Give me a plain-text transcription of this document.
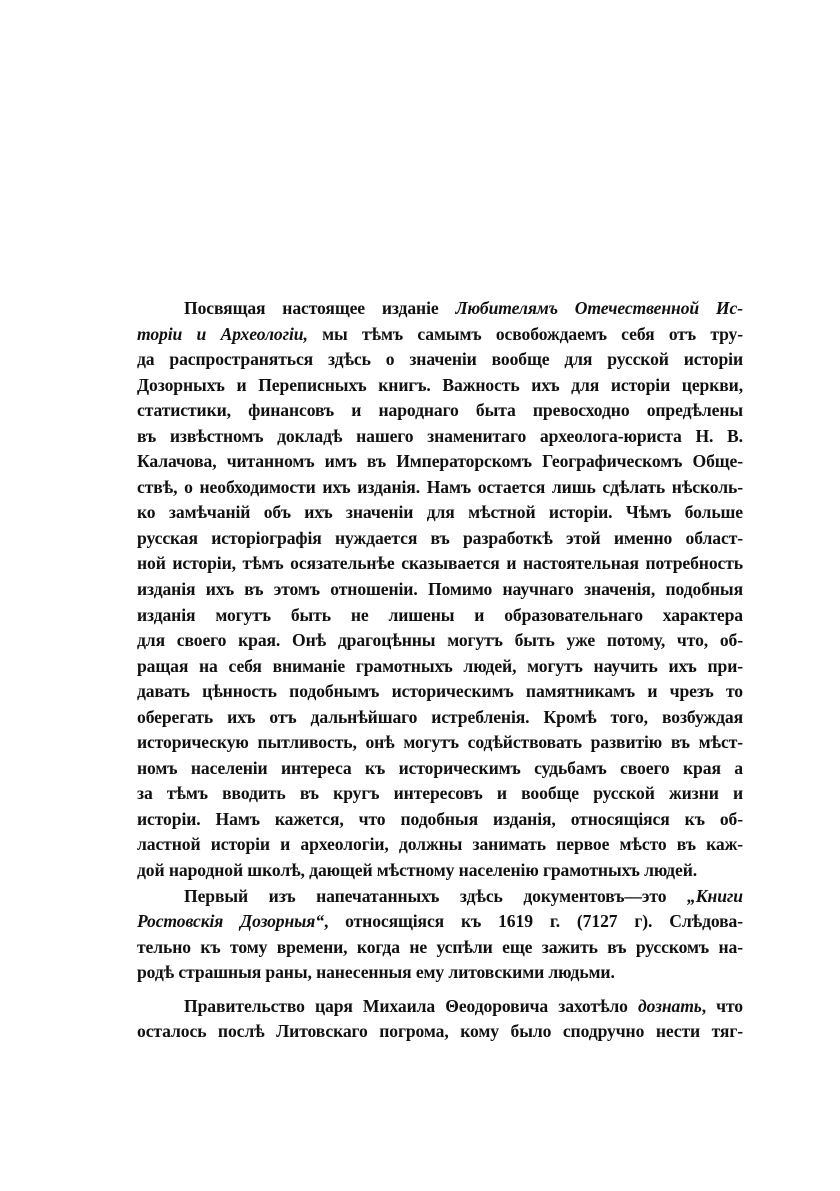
Посвящая настоящее изданіе Любителямъ Отечественной Ис-
торіи и Археологіи, мы тѣмъ самымъ освобождаемъ себя отъ тру-
да распространяться здѣсь о значеніи вообще для русской исторіи
Дозорныхъ и Переписныхъ книгъ. Важность ихъ для исторіи церкви,
статистики, финансовъ и народнаго быта превосходно опредѣлены
въ извѣстномъ докладѣ нашего знаменитаго археолога-юриста Н. В.
Калачова, читанномъ имъ въ Императорскомъ Географическомъ Обще-
ствѣ, о необходимости ихъ изданія. Намъ остается лишь сдѣлать нѣсколь-
ко замѣчаній объ ихъ значеніи для мѣстной исторіи. Чѣмъ больше
русская исторіографія нуждается въ разработкѣ этой именно област-
ной исторіи, тѣмъ осязательнѣе сказывается и настоятельная потребность
изданія ихъ въ этомъ отношеніи. Помимо научнаго значенія, подобныя
изданія могутъ быть не лишены и образовательнаго характера
для своего края. Онѣ драгоцѣнны могутъ быть уже потому, что, об-
ращая на себя вниманіе грамотныхъ людей, могутъ научить ихъ при-
давать цѣнность подобнымъ историческимъ памятникамъ и чрезъ то
оберегать ихъ отъ дальнѣйшаго истребленія. Кромѣ того, возбуждая
историческую пытливость, онѣ могутъ содѣйствовать развитію въ мѣст-
номъ населеніи интереса къ историческимъ судьбамъ своего края а
за тѣмъ вводить въ кругъ интересовъ и вообще русской жизни и
исторіи. Намъ кажется, что подобныя изданія, относящіяся къ об-
ластной исторіи и археологіи, должны занимать первое мѣсто въ каж-
дой народной школѣ, дающей мѣстному населенію грамотныхъ людей.
Первый изъ напечатанныхъ здѣсь документовъ—это „Книги
Ростовскія Дозорныя“, относящіяся къ 1619 г. (7127 г). Слѣдова-
тельно къ тому времени, когда не успѣли еще зажить въ русскомъ на-
родѣ страшныя раны, нанесенныя ему литовскими людьми.
Правительство царя Михаила Θеодоровича захотѣло дознать, что
осталось послѣ Литовскаго погрома, кому было сподручно нести тяг-
